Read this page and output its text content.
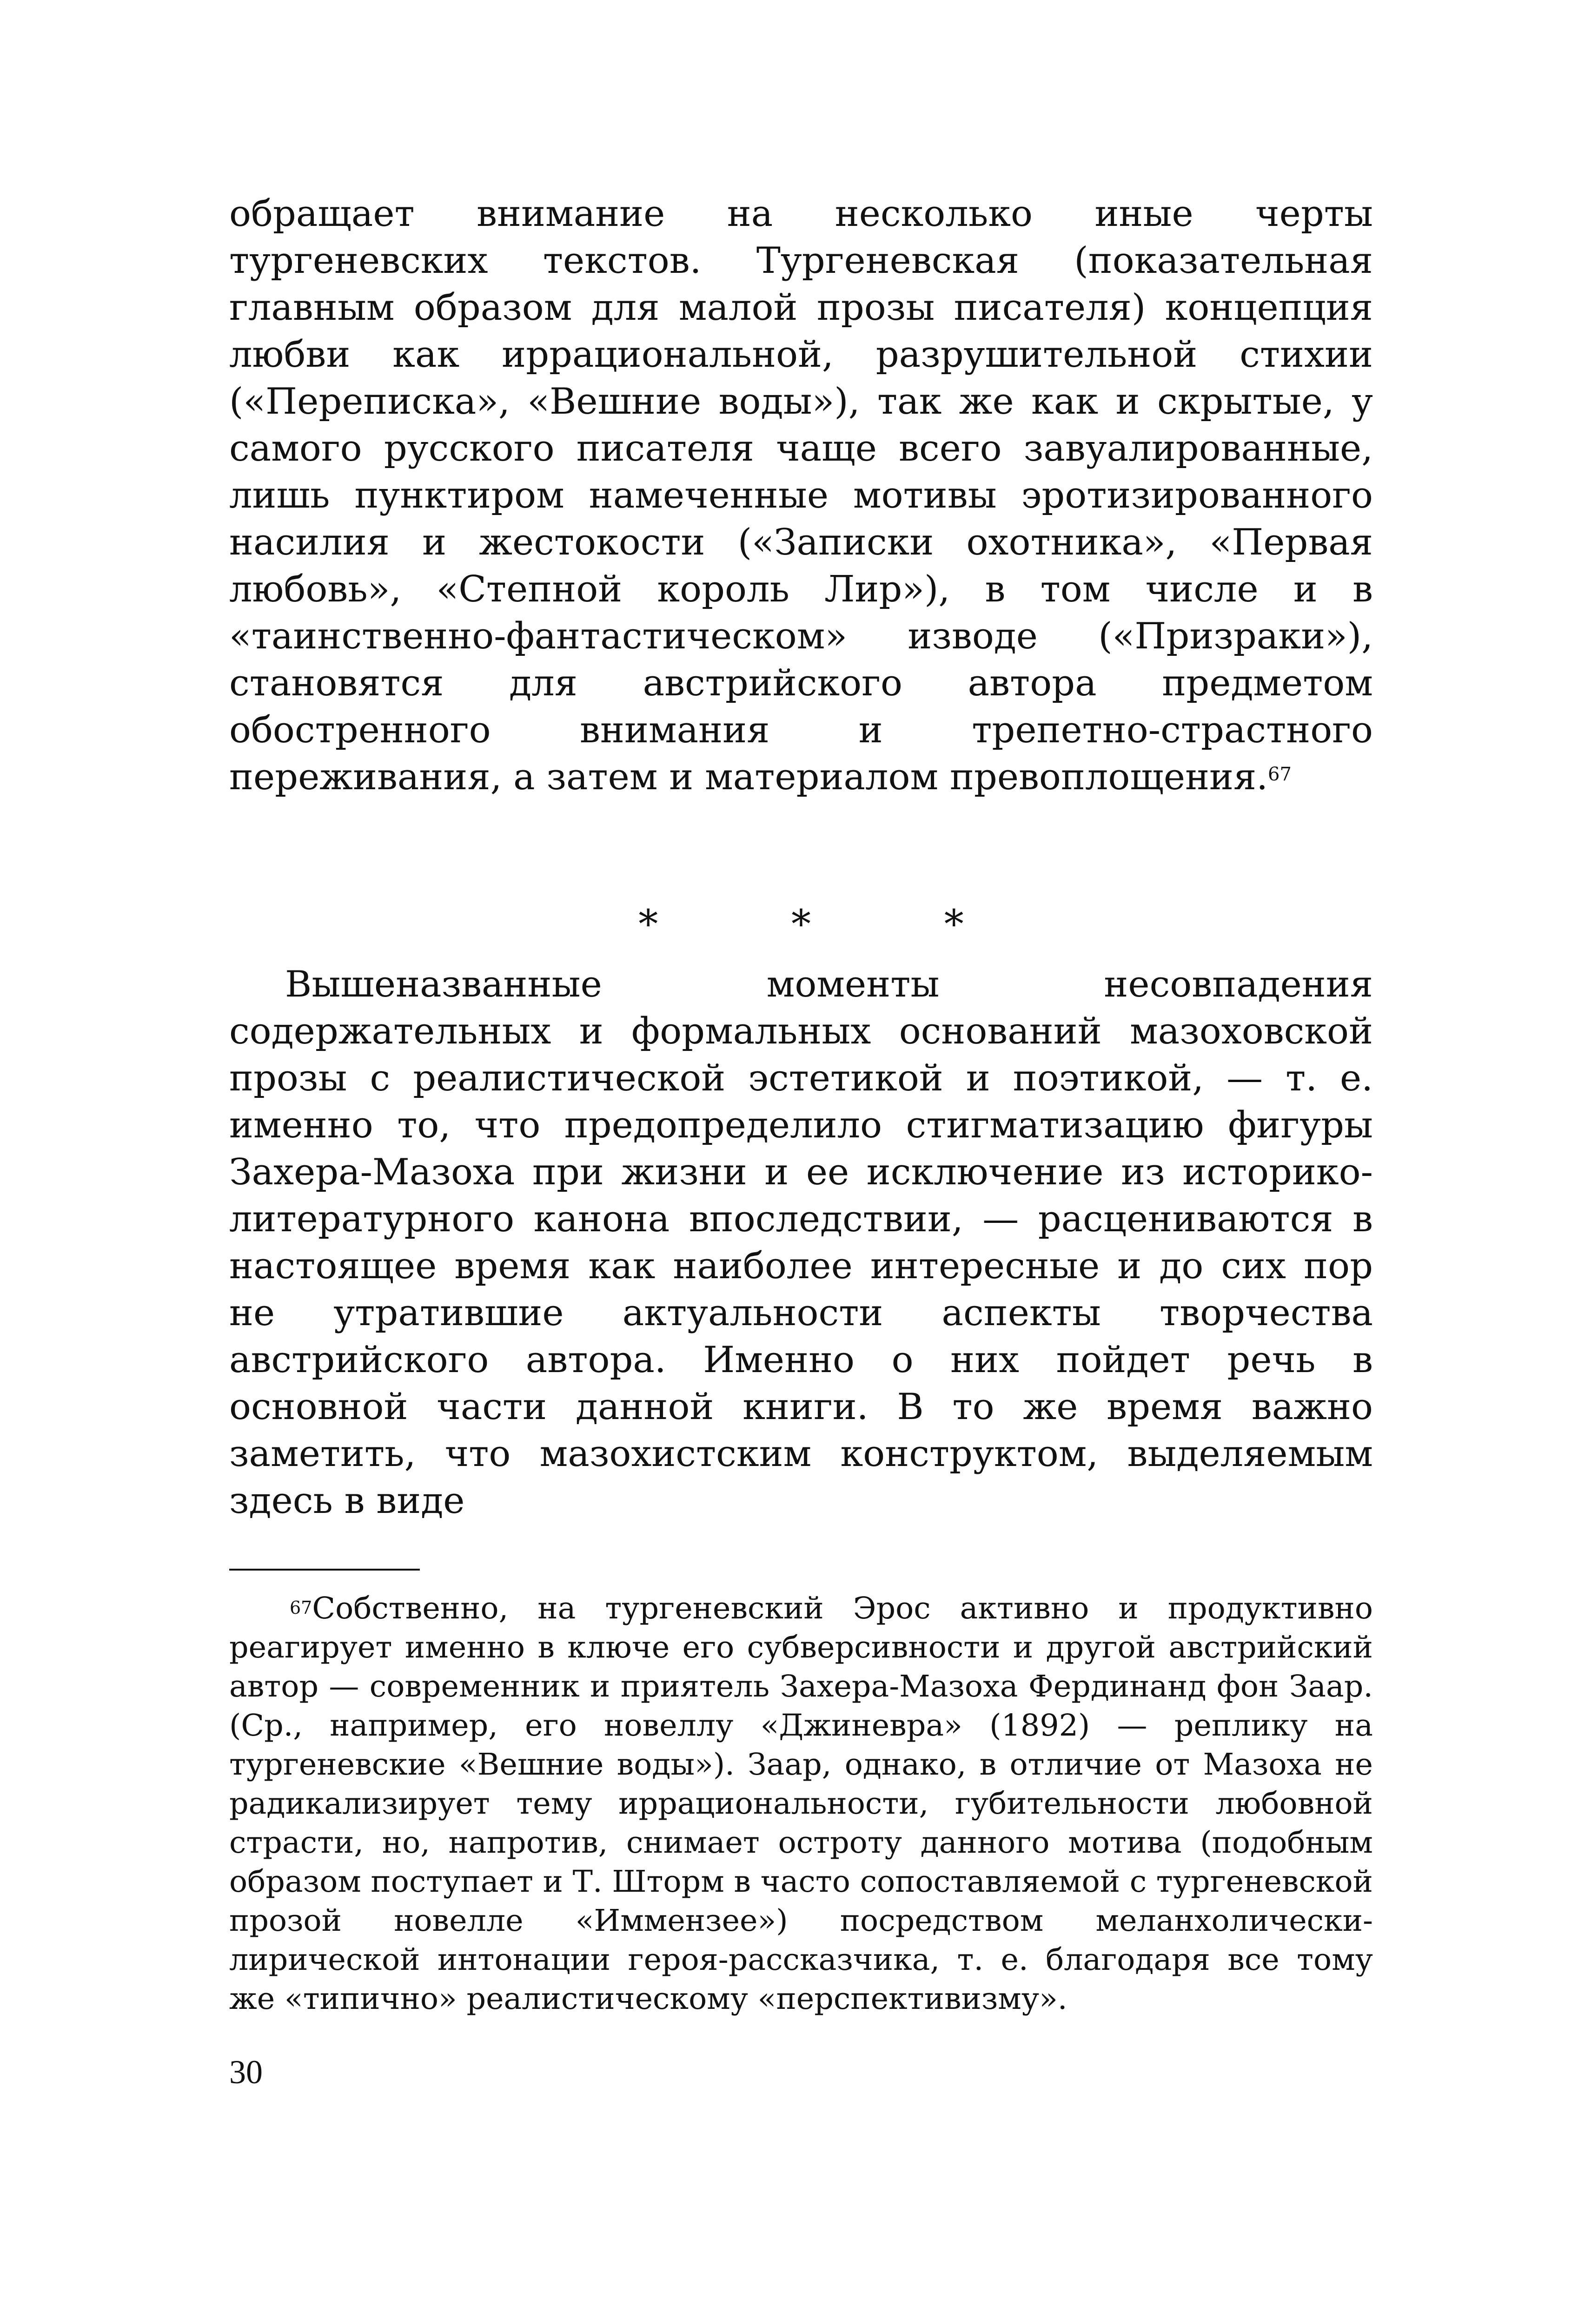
обращает внимание на несколько иные черты тургеневских текстов. Тургеневская (показательная главным образом для малой прозы писателя) концепция любви как иррациональной, разрушительной стихии («Переписка», «Вешние воды»), так же как и скрытые, у самого русского писателя чаще всего завуалированные, лишь пунктиром намеченные мотивы эротизированного насилия и жестокости («Записки охотника», «Первая любовь», «Степной король Лир»), в том числе и в «таинственно-фантастическом» изводе («Призраки»), становятся для австрийского автора предметом обостренного внимания и трепетно-страстного переживания, а затем и материалом превоплощения.$^{67}$

* * *

Вышеназванные моменты несовпадения содержательных и формальных оснований мазоховской прозы с реалистической эстетикой и поэтикой, — т. е. именно то, что предопределило стигматизацию фигуры Захера-Мазоха при жизни и ее исключение из историко-литературного канона впоследствии, — расцениваются в настоящее время как наиболее интересные и до сих пор не утратившие актуальности аспекты творчества австрийского автора. Именно о них пойдет речь в основной части данной книги. В то же время важно заметить, что мазохистским конструктом, выделяемым здесь в виде

$^{67}$Собственно, на тургеневский Эрос активно и продуктивно реагирует именно в ключе его субверсивности и другой австрийский автор — современник и приятель Захера-Мазоха Фердинанд фон Заар. (Ср., например, его новеллу «Джиневра» (1892) — реплику на тургеневские «Вешние воды»). Заар, однако, в отличие от Мазоха не радикализирует тему иррациональности, губительности любовной страсти, но, напротив, снимает остроту данного мотива (подобным образом поступает и Т. Шторм в часто сопоставляемой с тургеневской прозой новелле «Иммензее») посредством меланхолически-лирической интонации героя-рассказчика, т. е. благодаря все тому же «типично» реалистическому «перспективизму».

30
